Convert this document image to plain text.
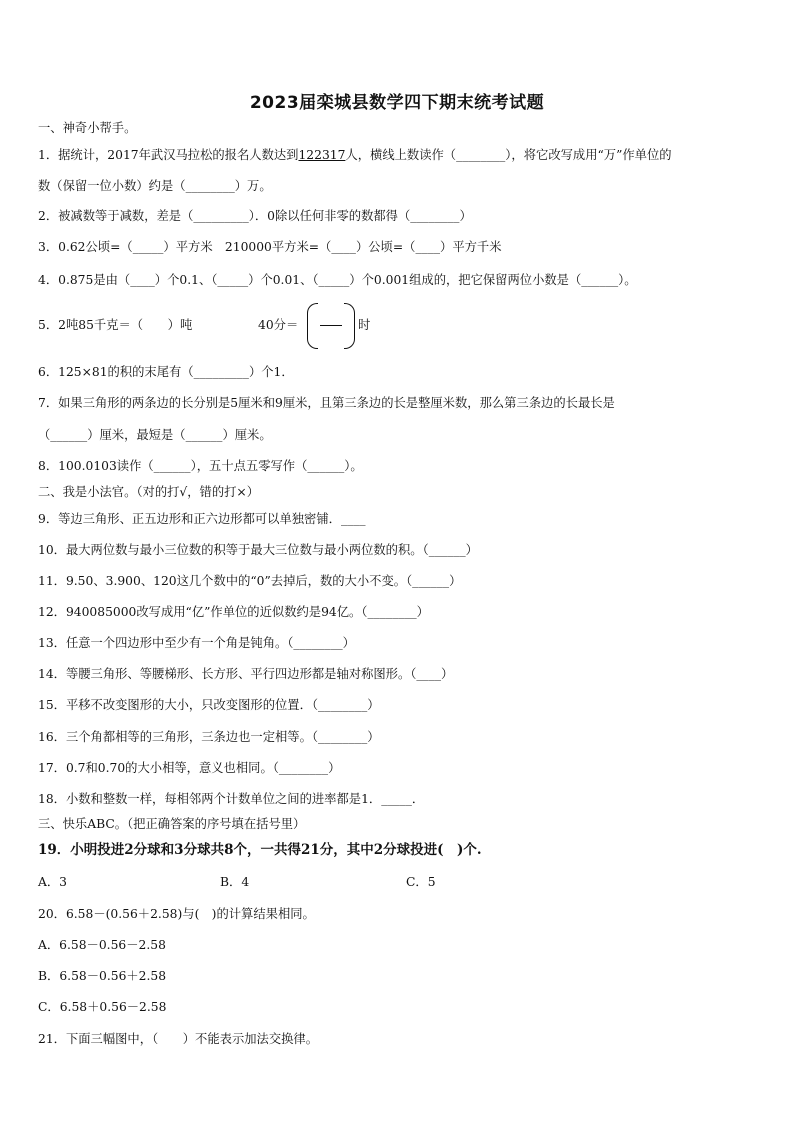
2023届栾城县数学四下期末统考试题
一、神奇小帮手。
1．据统计，2017年武汉马拉松的报名人数达到122317人，横线上数读作（________），将它改写成用“万”作单位的
数（保留一位小数）约是（________）万。
2．被减数等于减数，差是（_________）．0除以任何非零的数都得（________）
3．0.62公顷=（_____）平方米　210000平方米=（____）公顷=（____）平方千米
4．0.875是由（____）个0.1、（_____）个0.01、（_____）个0.001组成的，把它保留两位小数是（______）。
5．2吨85千克＝（　　）吨	40分＝	时
6．125×81的积的末尾有（_________）个1．
7．如果三角形的两条边的长分别是5厘米和9厘米，且第三条边的长是整厘米数，那么第三条边的长最长是
（______）厘米，最短是（______）厘米。
8．100.0103读作（______），五十点五零写作（______）。
二、我是小法官。（对的打√，错的打×）
9．等边三角形、正五边形和正六边形都可以单独密铺．____
10．最大两位数与最小三位数的积等于最大三位数与最小两位数的积。（______）
11．9.50、3.900、120这几个数中的“0”去掉后，数的大小不变。（______）
12．940085000改写成用“亿”作单位的近似数约是94亿。（________）
13．任意一个四边形中至少有一个角是钝角。（________）
14．等腰三角形、等腰梯形、长方形、平行四边形都是轴对称图形。（____）
15．平移不改变图形的大小，只改变图形的位置．（________）
16．三个角都相等的三角形，三条边也一定相等。（________）
17．0.7和0.70的大小相等，意义也相同。（________）
18．小数和整数一样，每相邻两个计数单位之间的进率都是1．_____．
三、快乐ABC。（把正确答案的序号填在括号里）
19．小明投进2分球和3分球共8个，一共得21分，其中2分球投进(　)个.
A．3	B．4	C．5
20．6.58－(0.56＋2.58)与(　)的计算结果相同。
A．6.58－0.56－2.58
B．6.58－0.56＋2.58
C．6.58＋0.56－2.58
21．下面三幅图中，（　　）不能表示加法交换律。
